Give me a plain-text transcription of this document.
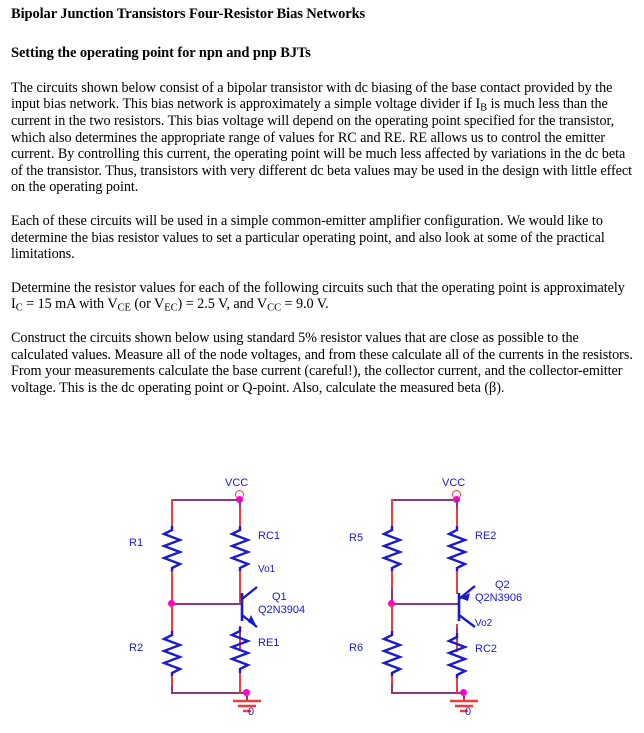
Bipolar Junction Transistors Four-Resistor Bias Networks
Setting the operating point for npn and pnp BJTs

The circuits shown below consist of a bipolar transistor with dc biasing of the base contact provided by the input bias network. This bias network is approximately a simple voltage divider if $I_B$ is much less than the current in the two resistors. This bias voltage will depend on the operating point specified for the transistor, which also determines the appropriate range of values for RC and RE. RE allows us to control the emitter current. By controlling this current, the operating point will be much less affected by variations in the dc beta of the transistor. Thus, transistors with very different dc beta values may be used in the design with little effect on the operating point.

Each of these circuits will be used in a simple common-emitter amplifier configuration. We would like to determine the bias resistor values to set a particular operating point, and also look at some of the practical limitations.

Determine the resistor values for each of the following circuits such that the operating point is approximately $I_C = 15$ mA with $V_{CE}$ (or $V_{EC}) = 2.5$ V, and $V_{CC} = 9.0$ V.

Construct the circuits shown below using standard 5% resistor values that are close as possible to the calculated values. Measure all of the node voltages, and from these calculate all of the currents in the resistors. From your measurements calculate the base current (careful!), the collector current, and the collector-emitter voltage. This is the dc operating point or Q-point. Also, calculate the measured beta (β).

VCC
R1
R2
RC1
Vo1
Q1
Q2N3904
RE1
0
VCC
R5
R6
RE2
Q2
Q2N3906
Vo2
RC2
0
